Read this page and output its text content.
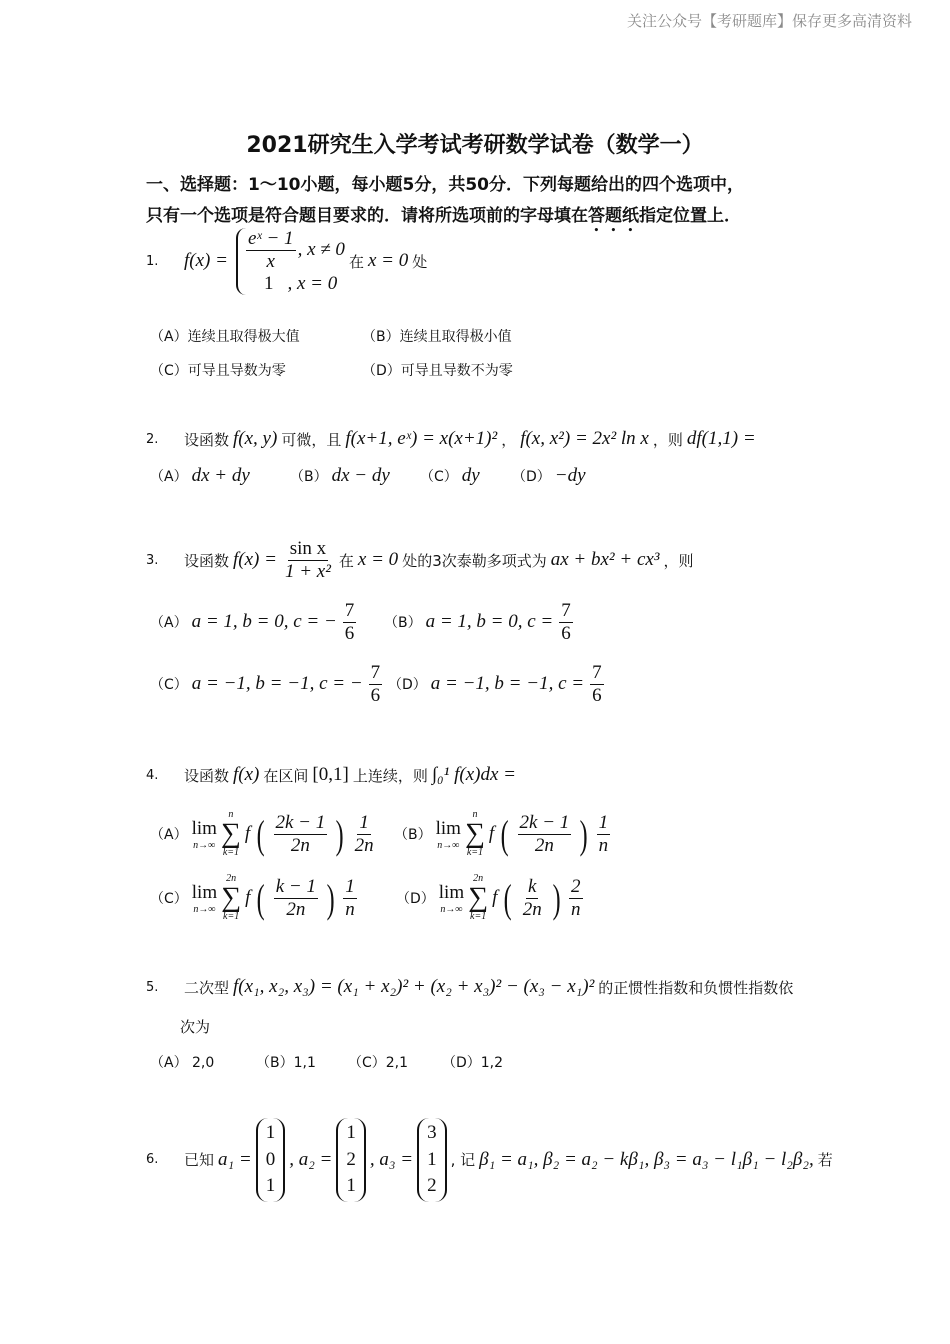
关注公众号【考研题库】保存更多高清资料
2021研究生入学考试考研数学试卷（数学一）
一、选择题：1～10小题，每小题5分，共50分．下列每题给出的四个选项中，
只有一个选项是符合题目要求的．请将所选项前的字母填在答题纸指定位置上．
1.	$f(x) = \frac{\text{eˣ − 1}}{x}$ , x ≠ 0
1 , x = 0
在 x = 0 处
（A）连续且取得极大值	（B）连续且取得极小值
（C）可导且导数为零	（D）可导且导数不为零
2.	设函数 f(x, y) 可微，且 f(x+1, eˣ) = x(x+1)² ， f(x, x²) = 2x² ln x ，则 df(1,1) =
（A） dx + dy	（B） dx − dy （C） dy （D） −dy
3.	设函数 $f(x) = \frac{\text{sin x}}{\text{1 + x²}}$ 在 x = 0 处的3次泰勒多项式为 ax + bx² + cx³ ，则
（A） a = 1, b = 0, c = − $\frac{7}{6} (B) a = 1$, b = 0, $c = \frac{7}{6}$
（C） a = −1, b = −1, c = − $\frac{7}{6} (D) a = -1$, b = −1, $c = \frac{7}{6}$
4.	设函数 f(x) 在区间 [0,1] 上连续，则 ∫₀¹ f(x)dx =
（A） lim
n→∞
n
∑
k=1
f ( $\frac{2k - 1}{2n}$ ) $\frac{1}{2n} (B)$ lim
n→∞
n
∑
k=1
f ( $\frac{2k - 1}{2n}$ ) $\frac{1}{n}$
（C） lim
n→∞
2n
∑
k=1
f ( $\frac{k - 1}{2n}$ ) $\frac{1}{n}$	（D） lim
n→∞
2n
∑
k=1
f ( $\frac{k}{2n}$ ) $\frac{2}{n}$
5.	二次型 f(x₁, x₂, x₃) = (x₁ + x₂)² + (x₂ + x₃)² − (x₃ − x₁)² 的正惯性指数和负惯性指数依
次为
（A） 2,0	（B）1,1 （C）2,1 （D）1,2
6.	已知 a₁ =
1
0
1
, a₂ =
1
2
1
, a₃ =
3
1
2
, 记 β₁ = a₁, β₂ = a₂ − kβ₁, β₃ = a₃ − l₁β₁ − l₂β₂, 若
